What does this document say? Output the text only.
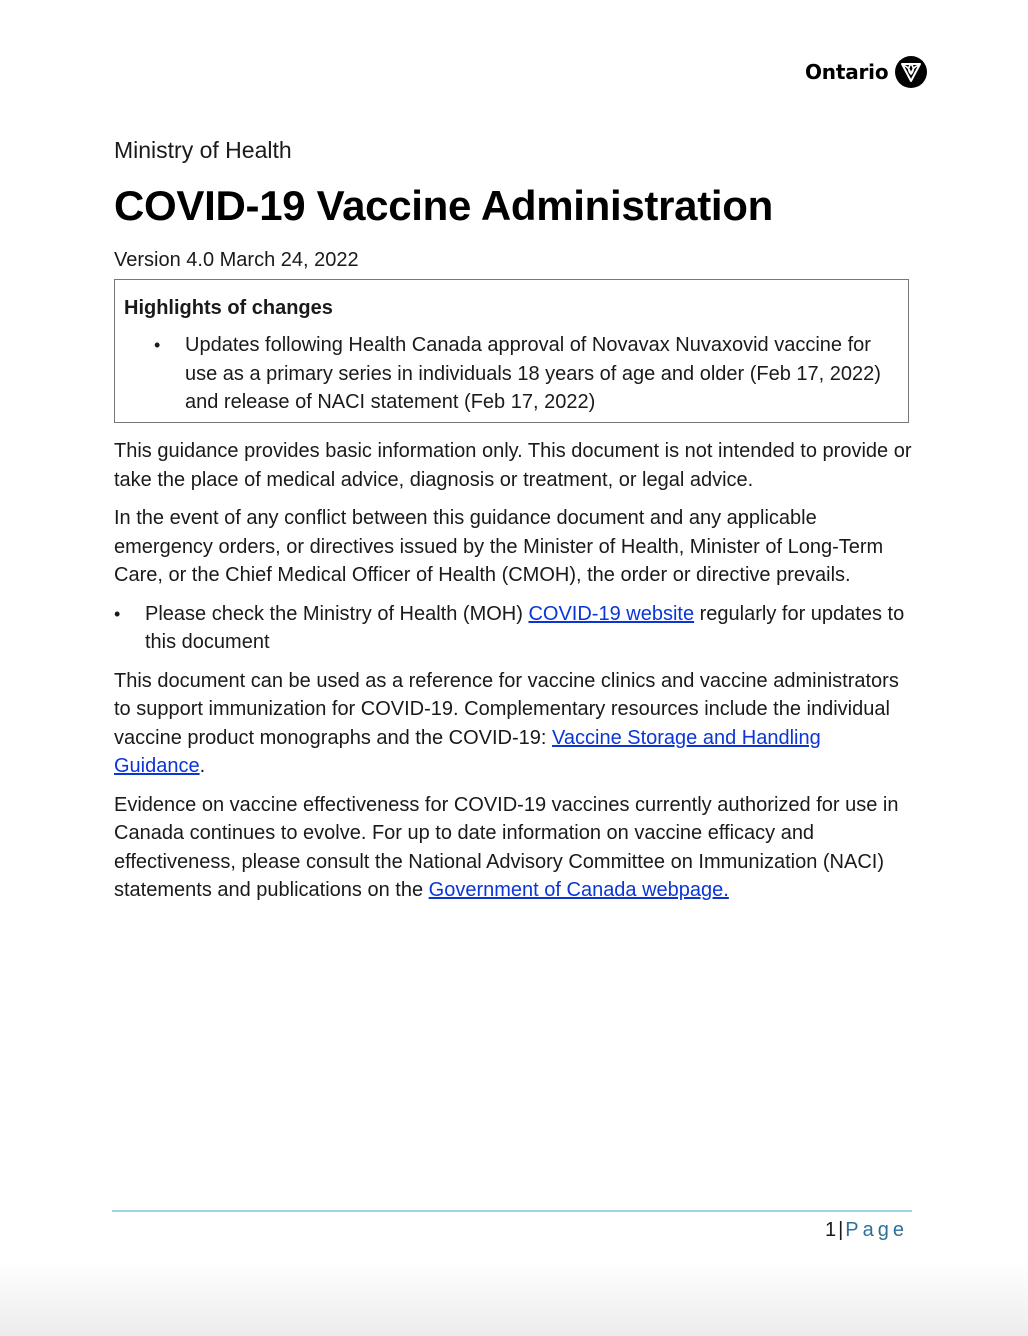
Ontario

Ministry of Health

COVID-19 Vaccine Administration

Version 4.0 March 24, 2022

Highlights of changes

• Updates following Health Canada approval of Novavax Nuvaxovid vaccine for use as a primary series in individuals 18 years of age and older (Feb 17, 2022) and release of NACI statement (Feb 17, 2022)

This guidance provides basic information only. This document is not intended to provide or take the place of medical advice, diagnosis or treatment, or legal advice.

In the event of any conflict between this guidance document and any applicable emergency orders, or directives issued by the Minister of Health, Minister of Long-Term Care, or the Chief Medical Officer of Health (CMOH), the order or directive prevails.

• Please check the Ministry of Health (MOH) COVID-19 website regularly for updates to this document

This document can be used as a reference for vaccine clinics and vaccine administrators to support immunization for COVID-19. Complementary resources include the individual vaccine product monographs and the COVID-19: Vaccine Storage and Handling Guidance.

Evidence on vaccine effectiveness for COVID-19 vaccines currently authorized for use in Canada continues to evolve. For up to date information on vaccine efficacy and effectiveness, please consult the National Advisory Committee on Immunization (NACI) statements and publications on the Government of Canada webpage.

1 | Page
